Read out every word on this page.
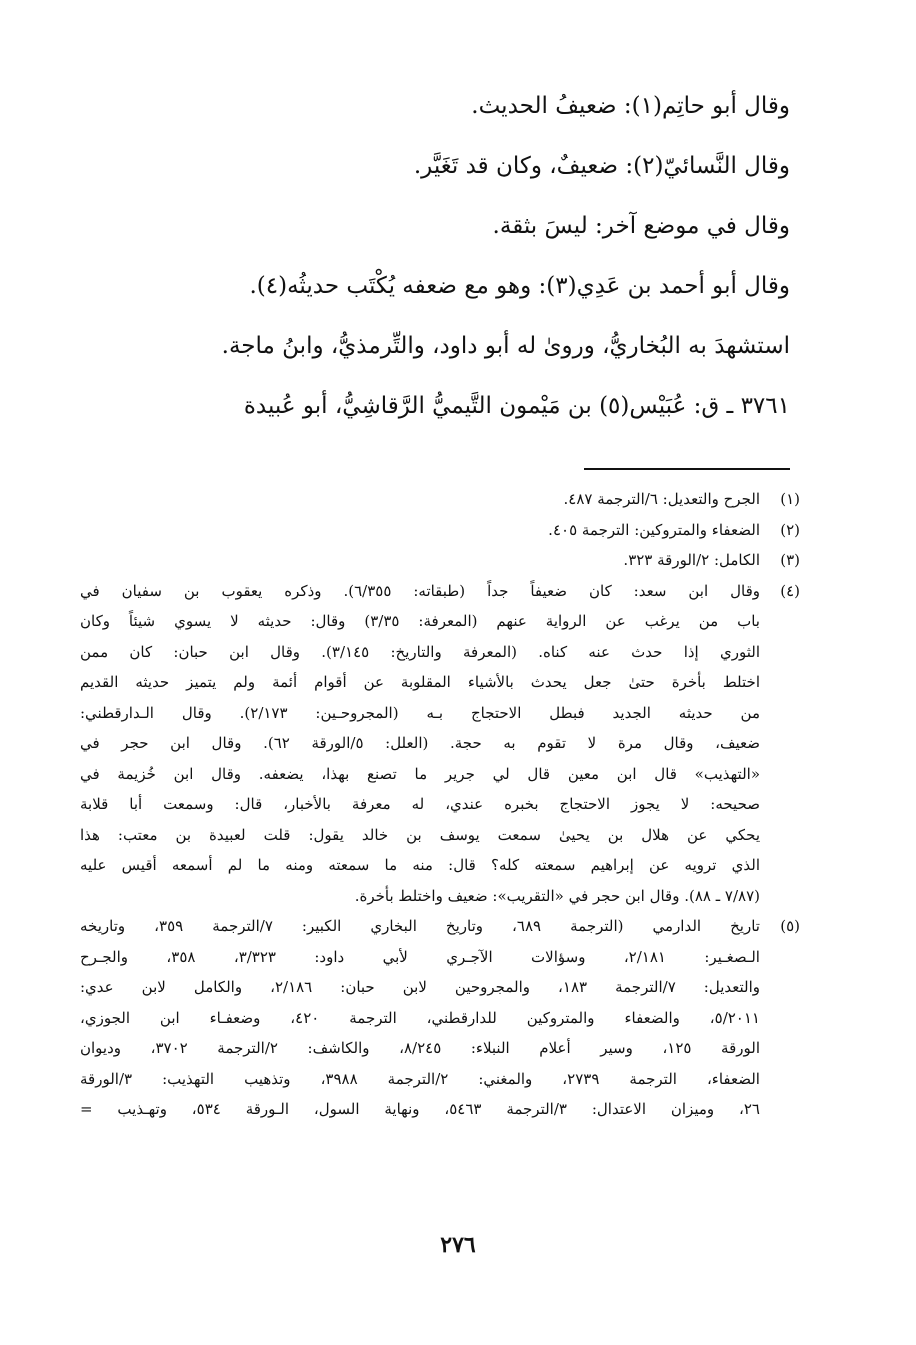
وقال أبو حاتِم(١): ضعيفُ الحديث.
وقال النَّسائيّ(٢): ضعيفٌ، وكان قد تَغَيَّر.
وقال في موضع آخر: ليسَ بثقة.
وقال أبو أحمد بن عَدِي(٣): وهو مع ضعفه يُكْتَب حديثُه(٤).
استشهدَ به البُخاريُّ، وروىٰ له أبو داود، والتِّرمذيُّ، وابنُ ماجة.
٣٧٦١ ـ ق: عُبَيْس(٥) بن مَيْمون التَّيميُّ الرَّقاشِيُّ، أبو عُبيدة
(١)
الجرح والتعديل: ٦/الترجمة ٤٨٧.
(٢)
الضعفاء والمتروكين: الترجمة ٤٠٥.
(٣)
الكامل: ٢/الورقة ٣٢٣.
(٤)
وقال ابن سعد: كان ضعيفاً جداً (طبقاته: ٦/٣٥٥). وذكره يعقوب بن سفيان في
باب من يرغب عن الرواية عنهم (المعرفة: ٣/٣٥) وقال: حديثه لا يسوي شيئاً وكان
الثوري إذا حدث عنه كناه. (المعرفة والتاريخ: ٣/١٤٥). وقال ابن حبان: كان ممن
اختلط بأخرة حتىٰ جعل يحدث بالأشياء المقلوبة عن أقوام أئمة ولم يتميز حديثه القديم
من حديثه الجديد فبطل الاحتجاج بـه (المجروحـين: ٢/١٧٣). وقال الـدارقطني:
ضعيف، وقال مرة لا تقوم به حجة. (العلل: ٥/الورقة ٦٢). وقال ابن حجر في
«التهذيب» قال ابن معين قال لي جرير ما تصنع بهذا، يضعفه. وقال ابن خُزيمة في
صحيحه: لا يجوز الاحتجاج بخبره عندي، له معرفة بالأخبار، قال: وسمعت أبا قلابة
يحكي عن هلال بن يحيىٰ سمعت يوسف بن خالد يقول: قلت لعبيدة بن معتب: هذا
الذي ترويه عن إبراهيم سمعته كله؟ قال: منه ما سمعته ومنه ما لم أسمعه أقيس عليه
(٧/٨٧ ـ ٨٨). وقال ابن حجر في «التقريب»: ضعيف واختلط بأخرة.
(٥)
تاريخ الدارمي (الترجمة ٦٨٩، وتاريخ البخاري الكبير: ٧/الترجمة ٣٥٩، وتاريخه
الـصغـير: ٢/١٨١، وسؤالات الآجـري لأبي داود: ٣/٣٢٣، ٣٥٨، والجـرح
والتعديل: ٧/الترجمة ١٨٣، والمجروحين لابن حبان: ٢/١٨٦، والكامل لابن عدي:
٥/٢٠١١، والضعفاء والمتروكين للدارقطني، الترجمة ٤٢٠، وضعفـاء ابن الجوزي،
الورقة ١٢٥، وسير أعلام النبلاء: ٨/٢٤٥، والكاشف: ٢/الترجمة ٣٧٠٢، وديوان
الضعفاء، الترجمة ٢٧٣٩، والمغني: ٢/الترجمة ٣٩٨٨، وتذهيب التهذيب: ٣/الورقة
٢٦، وميزان الاعتدال: ٣/الترجمة ٥٤٦٣، ونهاية السول، الـورقة ٥٣٤، وتهـذيب =
٢٧٦
